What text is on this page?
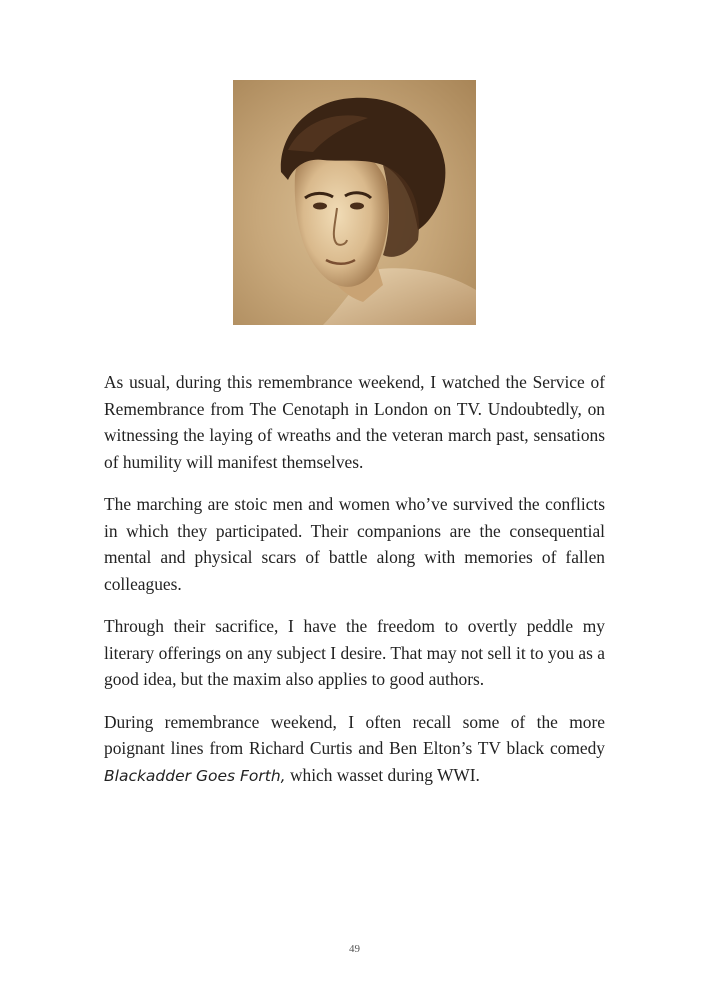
As usual, during this remembrance weekend, I watched the Service of Remembrance from The Cenotaph in London on TV. Undoubtedly, on witnessing the laying of wreaths and the veteran march past, sensations of humility will manifest themselves.

The marching are stoic men and women who’ve survived the conflicts in which they participated. Their companions are the consequential mental and physical scars of battle along with memories of fallen colleagues.

Through their sacrifice, I have the freedom to overtly peddle my literary offerings on any subject I desire. That may not sell it to you as a good idea, but the maxim also applies to good authors.

During remembrance weekend, I often recall some of the more poignant lines from Richard Curtis and Ben Elton’s TV black comedy Blackadder Goes Forth, which wasset during WWI.

49
